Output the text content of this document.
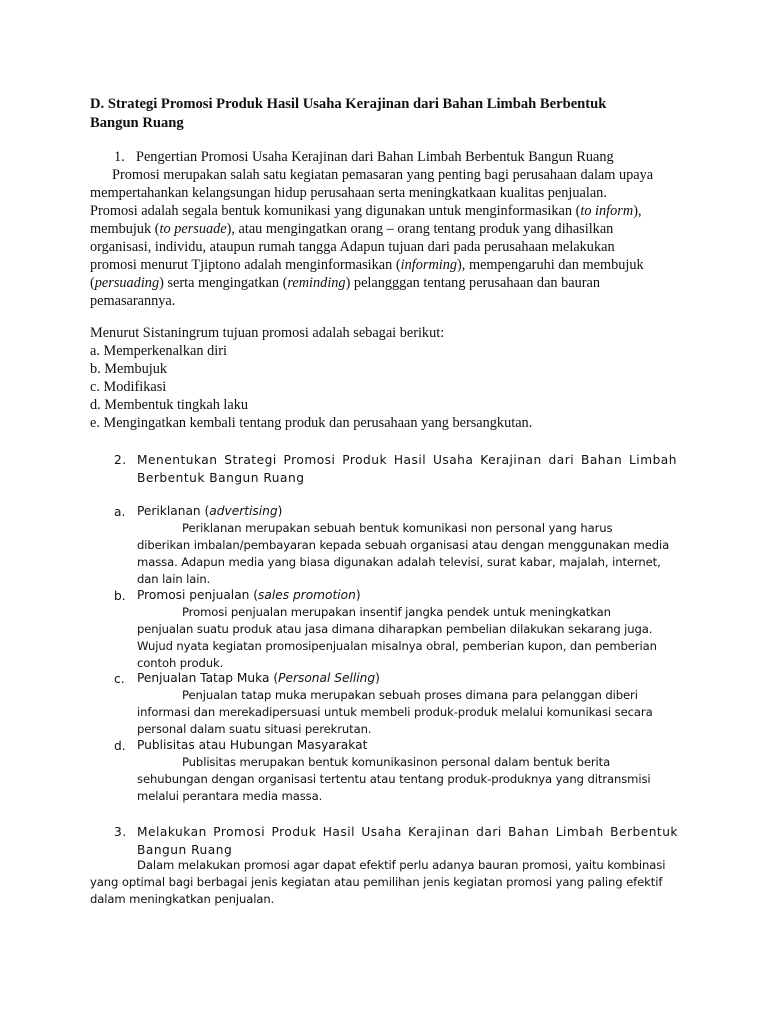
D. Strategi Promosi Produk Hasil Usaha Kerajinan dari Bahan Limbah Berbentuk
Bangun Ruang
1. Pengertian Promosi Usaha Kerajinan dari Bahan Limbah Berbentuk Bangun Ruang
Promosi merupakan salah satu kegiatan pemasaran yang penting bagi perusahaan dalam upaya
mempertahankan kelangsungan hidup perusahaan serta meningkatkaan kualitas penjualan.
Promosi adalah segala bentuk komunikasi yang digunakan untuk menginformasikan (to inform),
membujuk (to persuade), atau mengingatkan orang – orang tentang produk yang dihasilkan
organisasi, individu, ataupun rumah tangga Adapun tujuan dari pada perusahaan melakukan
promosi menurut Tjiptono adalah menginformasikan (informing), mempengaruhi dan membujuk
(persuading) serta mengingatkan (reminding) pelangggan tentang perusahaan dan bauran
pemasarannya.
Menurut Sistaningrum tujuan promosi adalah sebagai berikut:
a. Memperkenalkan diri
b. Membujuk
c. Modifikasi
d. Membentuk tingkah laku
e. Mengingatkan kembali tentang produk dan perusahaan yang bersangkutan.
2. Menentukan Strategi Promosi Produk Hasil Usaha Kerajinan dari Bahan Limbah
Berbentuk Bangun Ruang
a. Periklanan (advertising)
Periklanan merupakan sebuah bentuk komunikasi non personal yang harus
diberikan imbalan/pembayaran kepada sebuah organisasi atau dengan menggunakan media
massa. Adapun media yang biasa digunakan adalah televisi, surat kabar, majalah, internet,
dan lain lain.
b. Promosi penjualan (sales promotion)
Promosi penjualan merupakan insentif jangka pendek untuk meningkatkan
penjualan suatu produk atau jasa dimana diharapkan pembelian dilakukan sekarang juga.
Wujud nyata kegiatan promosipenjualan misalnya obral, pemberian kupon, dan pemberian
contoh produk.
c. Penjualan Tatap Muka (Personal Selling)
Penjualan tatap muka merupakan sebuah proses dimana para pelanggan diberi
informasi dan merekadipersuasi untuk membeli produk-produk melalui komunikasi secara
personal dalam suatu situasi perekrutan.
d. Publisitas atau Hubungan Masyarakat
Publisitas merupakan bentuk komunikasinon personal dalam bentuk berita
sehubungan dengan organisasi tertentu atau tentang produk-produknya yang ditransmisi
melalui perantara media massa.
3. Melakukan Promosi Produk Hasil Usaha Kerajinan dari Bahan Limbah Berbentuk
Bangun Ruang
Dalam melakukan promosi agar dapat efektif perlu adanya bauran promosi, yaitu kombinasi
yang optimal bagi berbagai jenis kegiatan atau pemilihan jenis kegiatan promosi yang paling efektif
dalam meningkatkan penjualan.
